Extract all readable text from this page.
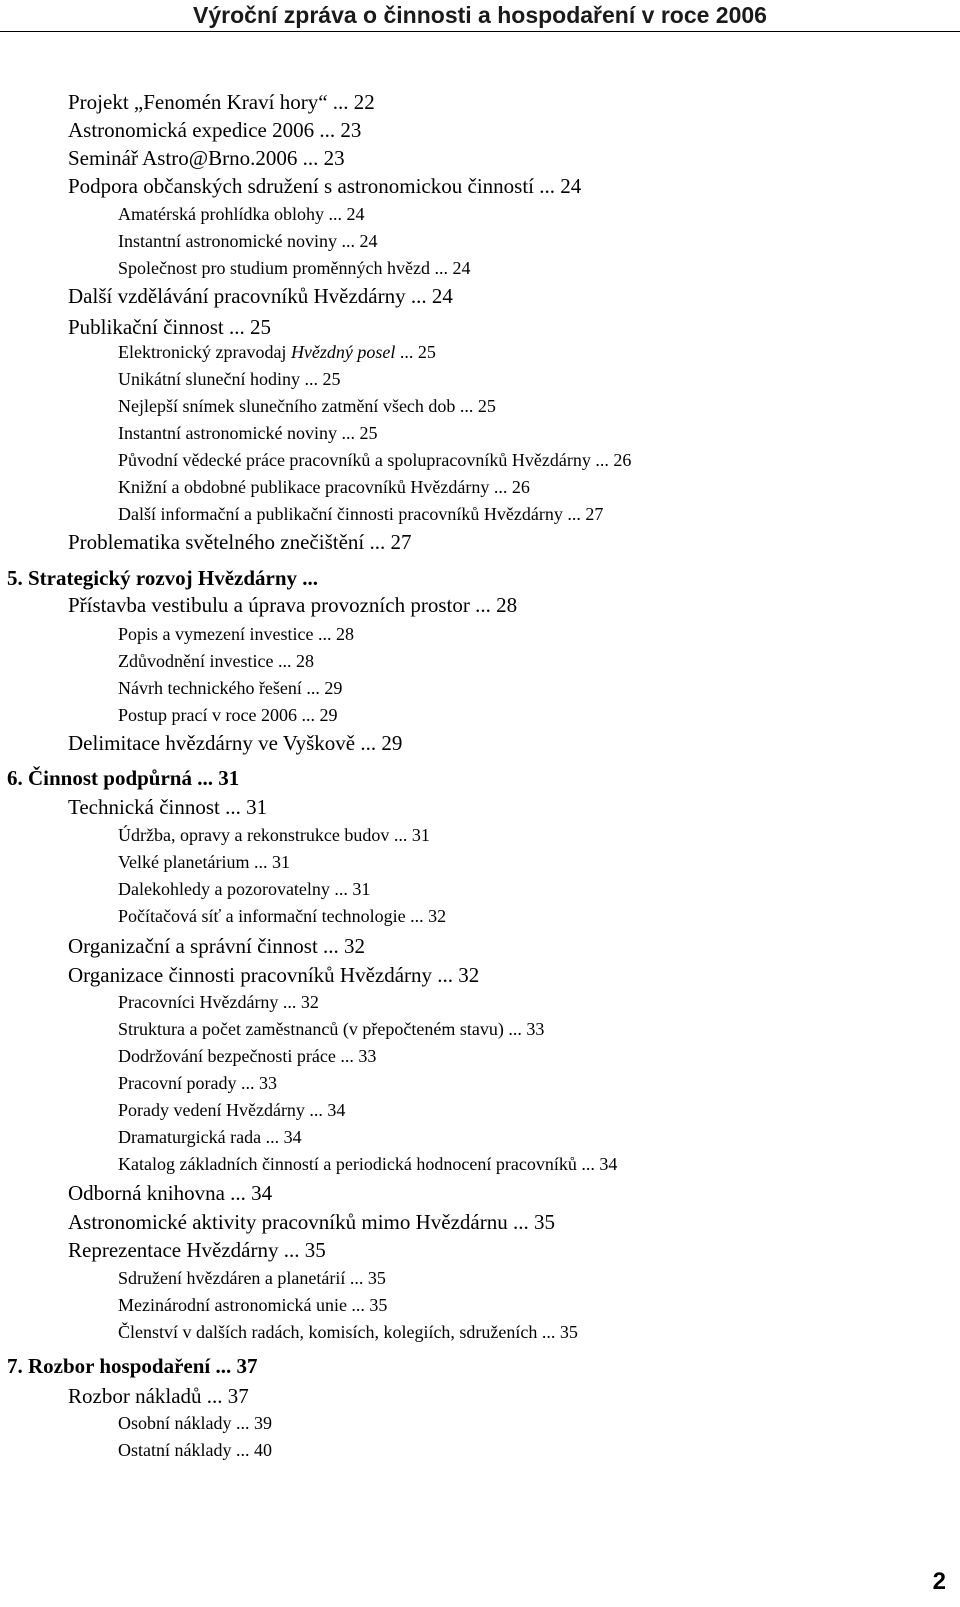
Výroční zpráva o činnosti a hospodaření v roce 2006
Projekt „Fenomén Kraví hory“ ... 22
Astronomická expedice 2006 ... 23
Seminář Astro@Brno.2006 ... 23
Podpora občanských sdružení s astronomickou činností ... 24
Amatérská prohlídka oblohy ... 24
Instantní astronomické noviny ... 24
Společnost pro studium proměnných hvězd ... 24
Další vzdělávání pracovníků Hvězdárny ... 24
Publikační činnost ... 25
Elektronický zpravodaj Hvězdný posel ... 25
Unikátní sluneční hodiny ... 25
Nejlepší snímek slunečního zatmění všech dob ... 25
Instantní astronomické noviny ... 25
Původní vědecké práce pracovníků a spolupracovníků Hvězdárny ... 26
Knižní a obdobné publikace pracovníků Hvězdárny ... 26
Další informační a publikační činnosti pracovníků Hvězdárny ... 27
Problematika světelného znečištění ... 27
5. Strategický rozvoj Hvězdárny ...
Přístavba vestibulu a úprava provozních prostor ... 28
Popis a vymezení investice ... 28
Zdůvodnění investice ... 28
Návrh technického řešení ... 29
Postup prací v roce 2006 ... 29
Delimitace hvězdárny ve Vyškově ... 29
6. Činnost podpůrná ... 31
Technická činnost ... 31
Údržba, opravy a rekonstrukce budov ... 31
Velké planetárium ... 31
Dalekohledy a pozorovatelny ... 31
Počítačová síť a informační technologie ... 32
Organizační a správní činnost ... 32
Organizace činnosti pracovníků Hvězdárny ... 32
Pracovníci Hvězdárny ... 32
Struktura a počet zaměstnanců (v přepočteném stavu) ... 33
Dodržování bezpečnosti práce ... 33
Pracovní porady ... 33
Porady vedení Hvězdárny ... 34
Dramaturgická rada ... 34
Katalog základních činností a periodická hodnocení pracovníků ... 34
Odborná knihovna ... 34
Astronomické aktivity pracovníků mimo Hvězdárnu ... 35
Reprezentace Hvězdárny ... 35
Sdružení hvězdáren a planetárií ... 35
Mezinárodní astronomická unie ... 35
Členství v dalších radách, komisích, kolegiích, sdruženích ... 35
7. Rozbor hospodaření ... 37
Rozbor nákladů ... 37
Osobní náklady ... 39
Ostatní náklady ... 40
2
